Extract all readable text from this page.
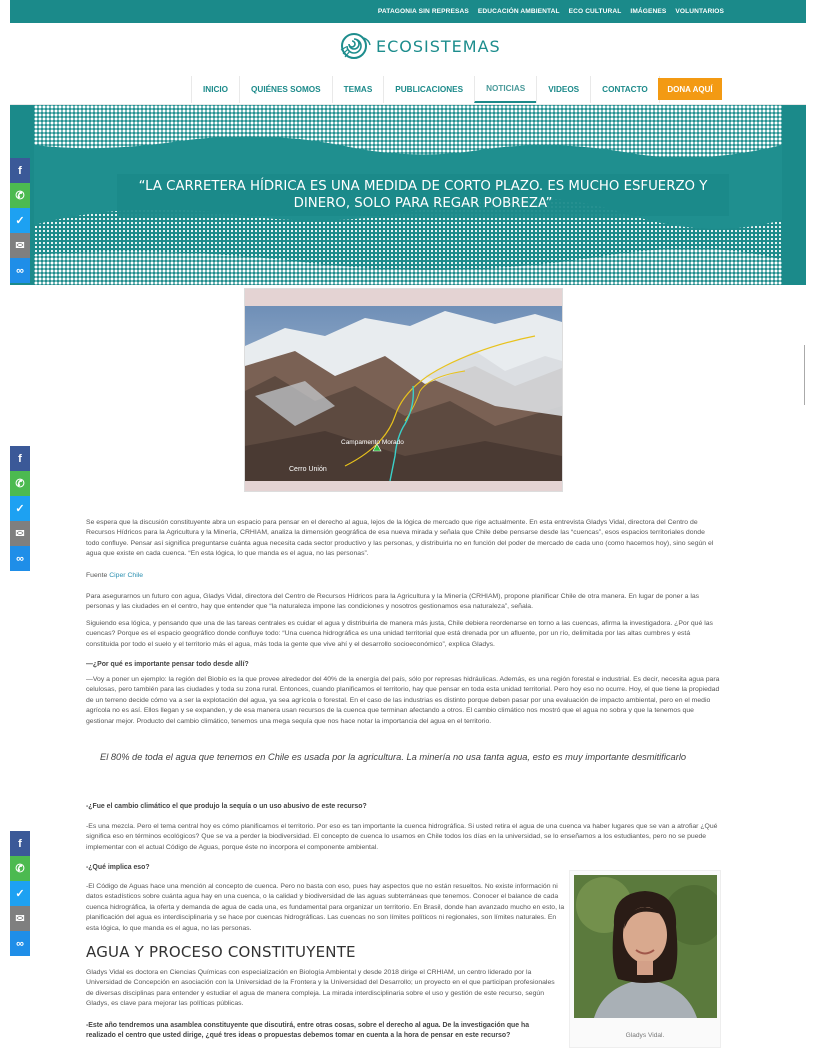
PATAGONIA SIN REPRESAS EDUCACIÓN AMBIENTAL ECO CULTURAL IMÁGENES VOLUNTARIOS
ECOSISTEMAS
INICIO	QUIÉNES SOMOS	TEMAS	PUBLICACIONES	NOTICIAS	VIDEOS	CONTACTO	DONA AQUÍ
“LA CARRETERA HÍDRICA ES UNA MEDIDA DE CORTO PLAZO. ES MUCHO ESFUERZO Y
DINERO, SOLO PARA REGAR POBREZA”
f
✆
✓
✉
∞
f
✆
✓
✉
∞
f
✆
✓
✉
∞
Campamento Morado
Cerro Unión
Se espera que la discusión constituyente abra un espacio para pensar en el derecho al agua, lejos de la lógica de mercado que rige actualmente. En esta entrevista Gladys Vidal, directora del Centro de Recursos Hídricos para la Agricultura y la Minería, CRHIAM, analiza la dimensión geográfica de esa nueva mirada y señala que Chile debe pensarse desde las “cuencas”, esos espacios territoriales donde todo confluye. Pensar así significa preguntarse cuánta agua necesita cada sector productivo y las personas, y distribuirla no en función del poder de mercado de cada uno (como hacemos hoy), sino según el agua que existe en cada cuenca. “En esta lógica, lo que manda es el agua, no las personas”.
Fuente Ciper Chile
Para asegurarnos un futuro con agua, Gladys Vidal, directora del Centro de Recursos Hídricos para la Agricultura y la Minería (CRHIAM), propone planificar Chile de otra manera. En lugar de poner a las personas y las ciudades en el centro, hay que entender que “la naturaleza impone las condiciones y nosotros gestionamos esa naturaleza”, señala.
Siguiendo esa lógica, y pensando que una de las tareas centrales es cuidar el agua y distribuirla de manera más justa, Chile debiera reordenarse en torno a las cuencas, afirma la investigadora. ¿Por qué las cuencas? Porque es el espacio geográfico donde confluye todo: “Una cuenca hidrográfica es una unidad territorial que está drenada por un afluente, por un río, delimitada por las altas cumbres y está constituida por todo el suelo y el territorio más el agua, más toda la gente que vive ahí y el desarrollo socioeconómico”, explica Gladys.
—¿Por qué es importante pensar todo desde allí?
—Voy a poner un ejemplo: la región del Biobío es la que provee alrededor del 40% de la energía del país, sólo por represas hidráulicas. Además, es una región forestal e industrial. Es decir, necesita agua para celulosas, pero también para las ciudades y toda su zona rural. Entonces, cuando planificamos el territorio, hay que pensar en toda esta unidad territorial. Pero hoy eso no ocurre. Hoy, el que tiene la propiedad de un terreno decide cómo va a ser la explotación del agua, ya sea agrícola o forestal. En el caso de las industrias es distinto porque deben pasar por una evaluación de impacto ambiental, pero en el medio agrícola no es así. Ellos llegan y se expanden, y de esa manera usan recursos de la cuenca que terminan afectando a otros. El cambio climático nos mostró que el agua no sobra y que la tenemos que gestionar mejor. Producto del cambio climático, tenemos una mega sequía que nos hace notar la importancia del agua en el territorio.
El 80% de toda el agua que tenemos en Chile es usada por la agricultura. La minería no usa tanta agua, esto es muy importante desmitificarlo
-¿Fue el cambio climático el que produjo la sequía o un uso abusivo de este recurso?
-Es una mezcla. Pero el tema central hoy es cómo planificamos el territorio. Por eso es tan importante la cuenca hidrográfica. Si usted retira el agua de una cuenca va haber lugares que se van a atrofiar ¿Qué significa eso en términos ecológicos? Que se va a perder la biodiversidad. El concepto de cuenca lo usamos en Chile todos los días en la universidad, se lo enseñamos a los estudiantes, pero no se puede implementar con el actual Código de Aguas, porque éste no incorpora el componente ambiental.
-¿Qué implica eso?
-El Código de Aguas hace una mención al concepto de cuenca. Pero no basta con eso, pues hay aspectos que no están resueltos. No existe información ni datos estadísticos sobre cuánta agua hay en una cuenca, o la calidad y biodiversidad de las aguas subterráneas que tenemos. Conocer el balance de cada cuenca hidrográfica, la oferta y demanda de agua de cada una, es fundamental para organizar un territorio. En Brasil, donde han avanzado mucho en esto, la planificación del agua es interdisciplinaria y se hace por cuencas hidrográficas. Las cuencas no son límites políticos ni regionales, son límites naturales. En esta lógica, lo que manda es el agua, no las personas.
AGUA Y PROCESO CONSTITUYENTE
Gladys Vidal es doctora en Ciencias Químicas con especialización en Biología Ambiental y desde 2018 dirige el CRHIAM, un centro liderado por la Universidad de Concepción en asociación con la Universidad de la Frontera y la Universidad del Desarrollo; un proyecto en el que participan profesionales de diversas disciplinas para entender y estudiar el agua de manera compleja. La mirada interdisciplinaria sobre el uso y gestión de este recurso, según Gladys, es clave para mejorar las políticas públicas.
-Este año tendremos una asamblea constituyente que discutirá, entre otras cosas, sobre el derecho al agua. De la investigación que ha realizado el centro que usted dirige, ¿qué tres ideas o propuestas debemos tomar en cuenta a la hora de pensar en este recurso?	Gladys Vidal.
